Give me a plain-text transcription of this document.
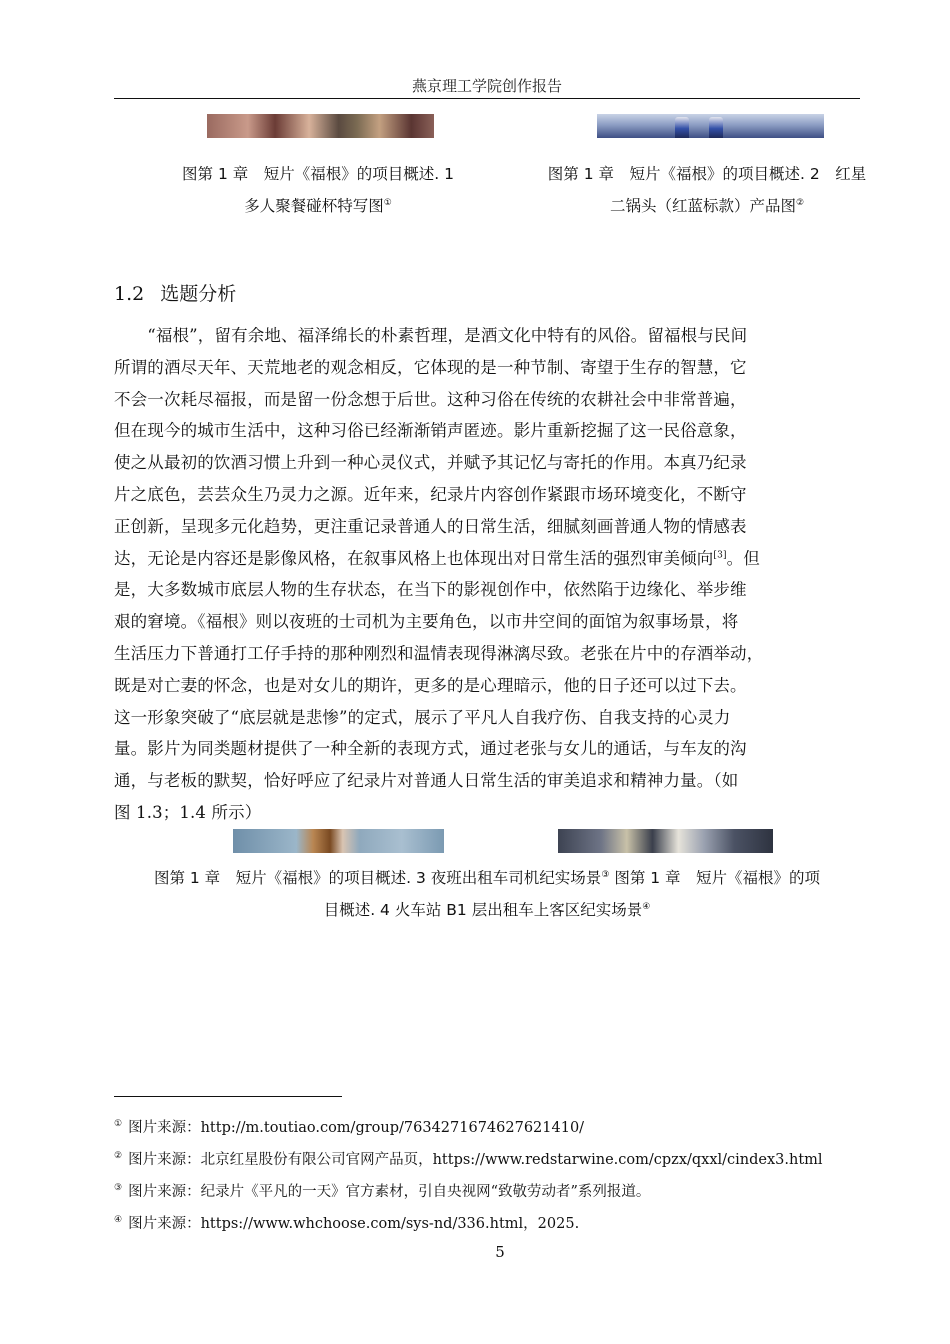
燕京理工学院创作报告
图第 1 章　短片《福根》的项目概述. 1
多人聚餐碰杯特写图①
图第 1 章　短片《福根》的项目概述. 2　红星
二锅头（红蓝标款）产品图②
1.2 选题分析
　　“福根”，留有余地、福泽绵长的朴素哲理，是酒文化中特有的风俗。留福根与民间
所谓的酒尽天年、天荒地老的观念相反，它体现的是一种节制、寄望于生存的智慧，它
不会一次耗尽福报，而是留一份念想于后世。这种习俗在传统的农耕社会中非常普遍，
但在现今的城市生活中，这种习俗已经渐渐销声匿迹。影片重新挖掘了这一民俗意象，
使之从最初的饮酒习惯上升到一种心灵仪式，并赋予其记忆与寄托的作用。本真乃纪录
片之底色，芸芸众生乃灵力之源。近年来，纪录片内容创作紧跟市场环境变化，不断守
正创新，呈现多元化趋势，更注重记录普通人的日常生活，细腻刻画普通人物的情感表
达，无论是内容还是影像风格，在叙事风格上也体现出对日常生活的强烈审美倾向[3]。但
是，大多数城市底层人物的生存状态，在当下的影视创作中，依然陷于边缘化、举步维
艰的窘境。《福根》则以夜班的士司机为主要角色，以市井空间的面馆为叙事场景，将
生活压力下普通打工仔手持的那种刚烈和温情表现得淋漓尽致。老张在片中的存酒举动，
既是对亡妻的怀念，也是对女儿的期许，更多的是心理暗示，他的日子还可以过下去。
这一形象突破了“底层就是悲惨”的定式，展示了平凡人自我疗伤、自我支持的心灵力
量。影片为同类题材提供了一种全新的表现方式，通过老张与女儿的通话，与车友的沟
通，与老板的默契，恰好呼应了纪录片对普通人日常生活的审美追求和精神力量。（如
图 1.3；1.4 所示）
图第 1 章　短片《福根》的项目概述. 3 夜班出租车司机纪实场景③ 图第 1 章　短片《福根》的项
目概述. 4 火车站 B1 层出租车上客区纪实场景④
① 图片来源：http://m.toutiao.com/group/7634271674627621410/
② 图片来源：北京红星股份有限公司官网产品页，https://www.redstarwine.com/cpzx/qxxl/cindex3.html
③ 图片来源：纪录片《平凡的一天》官方素材，引自央视网“致敬劳动者”系列报道。
④ 图片来源：https://www.whchoose.com/sys-nd/336.html，2025.
5
